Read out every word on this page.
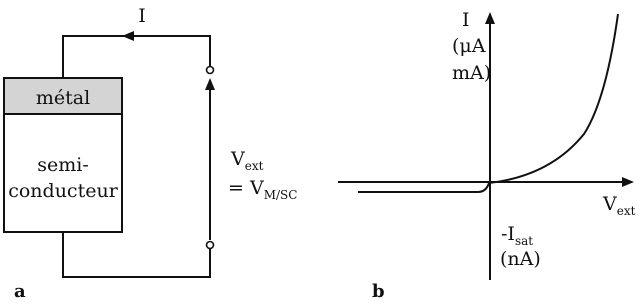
métal
semi-
conducteur
I
$V_{ext}$
= $V_{M/SC}$
a
I
(μA
mA)
$V_{ext}$
$-I_{sat}$
(nA)
b
